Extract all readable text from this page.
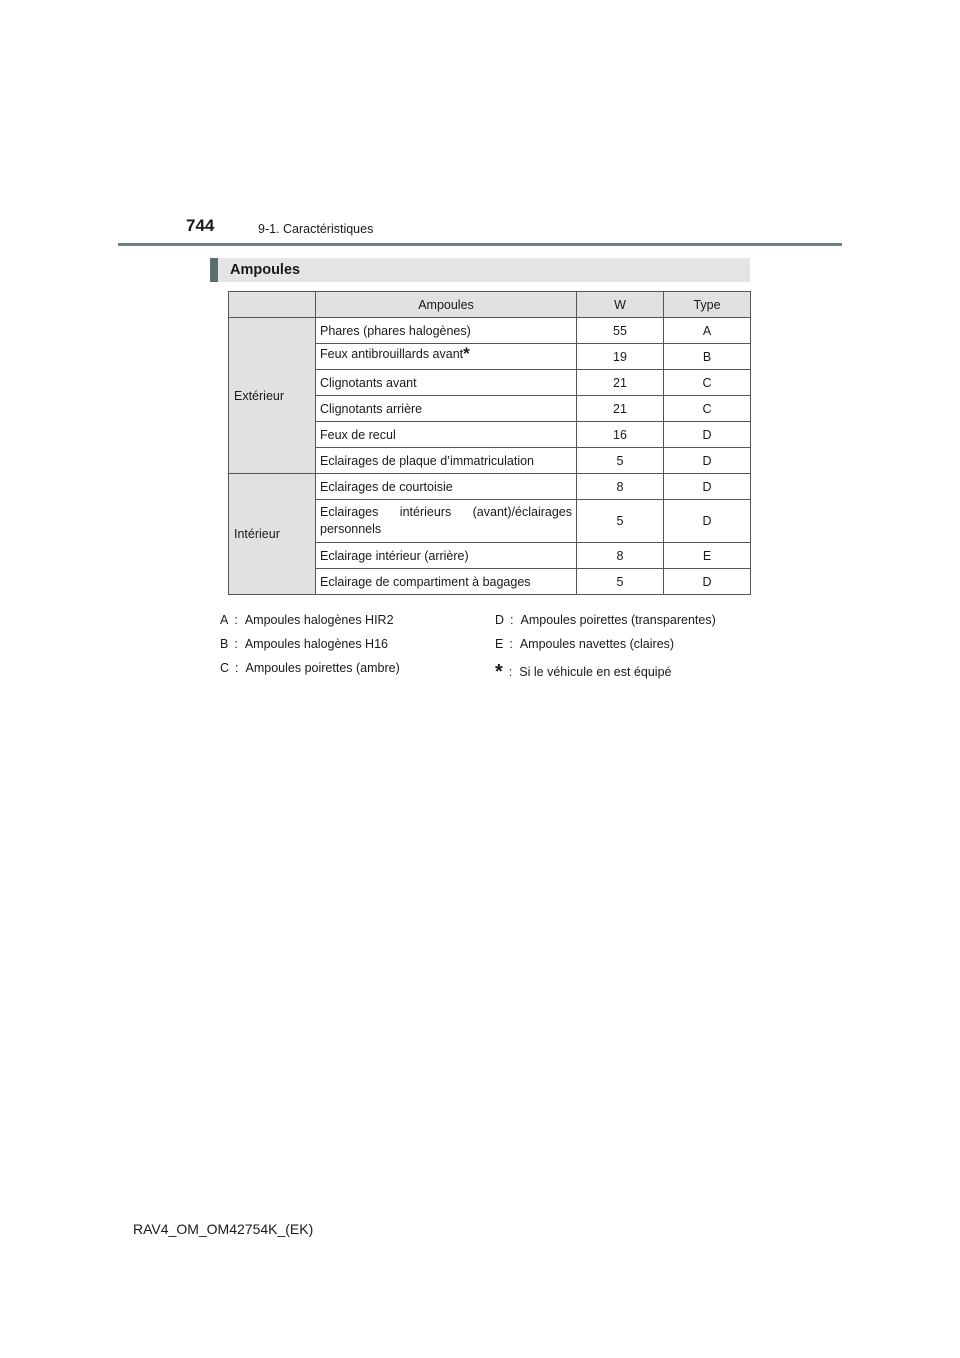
744	9-1. Caractéristiques
Ampoules
	Ampoules	W	Type
Extérieur	Phares (phares halogènes)	55	A
	Feux antibrouillards avant*	19	B
	Clignotants avant	21	C
	Clignotants arrière	21	C
	Feux de recul	16	D
	Eclairages de plaque d’immatriculation	5	D
Intérieur	Eclairages de courtoisie	8	D
	Eclairages intérieurs (avant)/éclairages personnels	5	D
	Eclairage intérieur (arrière)	8	E
	Eclairage de compartiment à bagages	5	D
A : Ampoules halogènes HIR2	D : Ampoules poirettes (transparentes)
B : Ampoules halogènes H16	E : Ampoules navettes (claires)
C : Ampoules poirettes (ambre)	* : Si le véhicule en est équipé
RAV4_OM_OM42754K_(EK)
